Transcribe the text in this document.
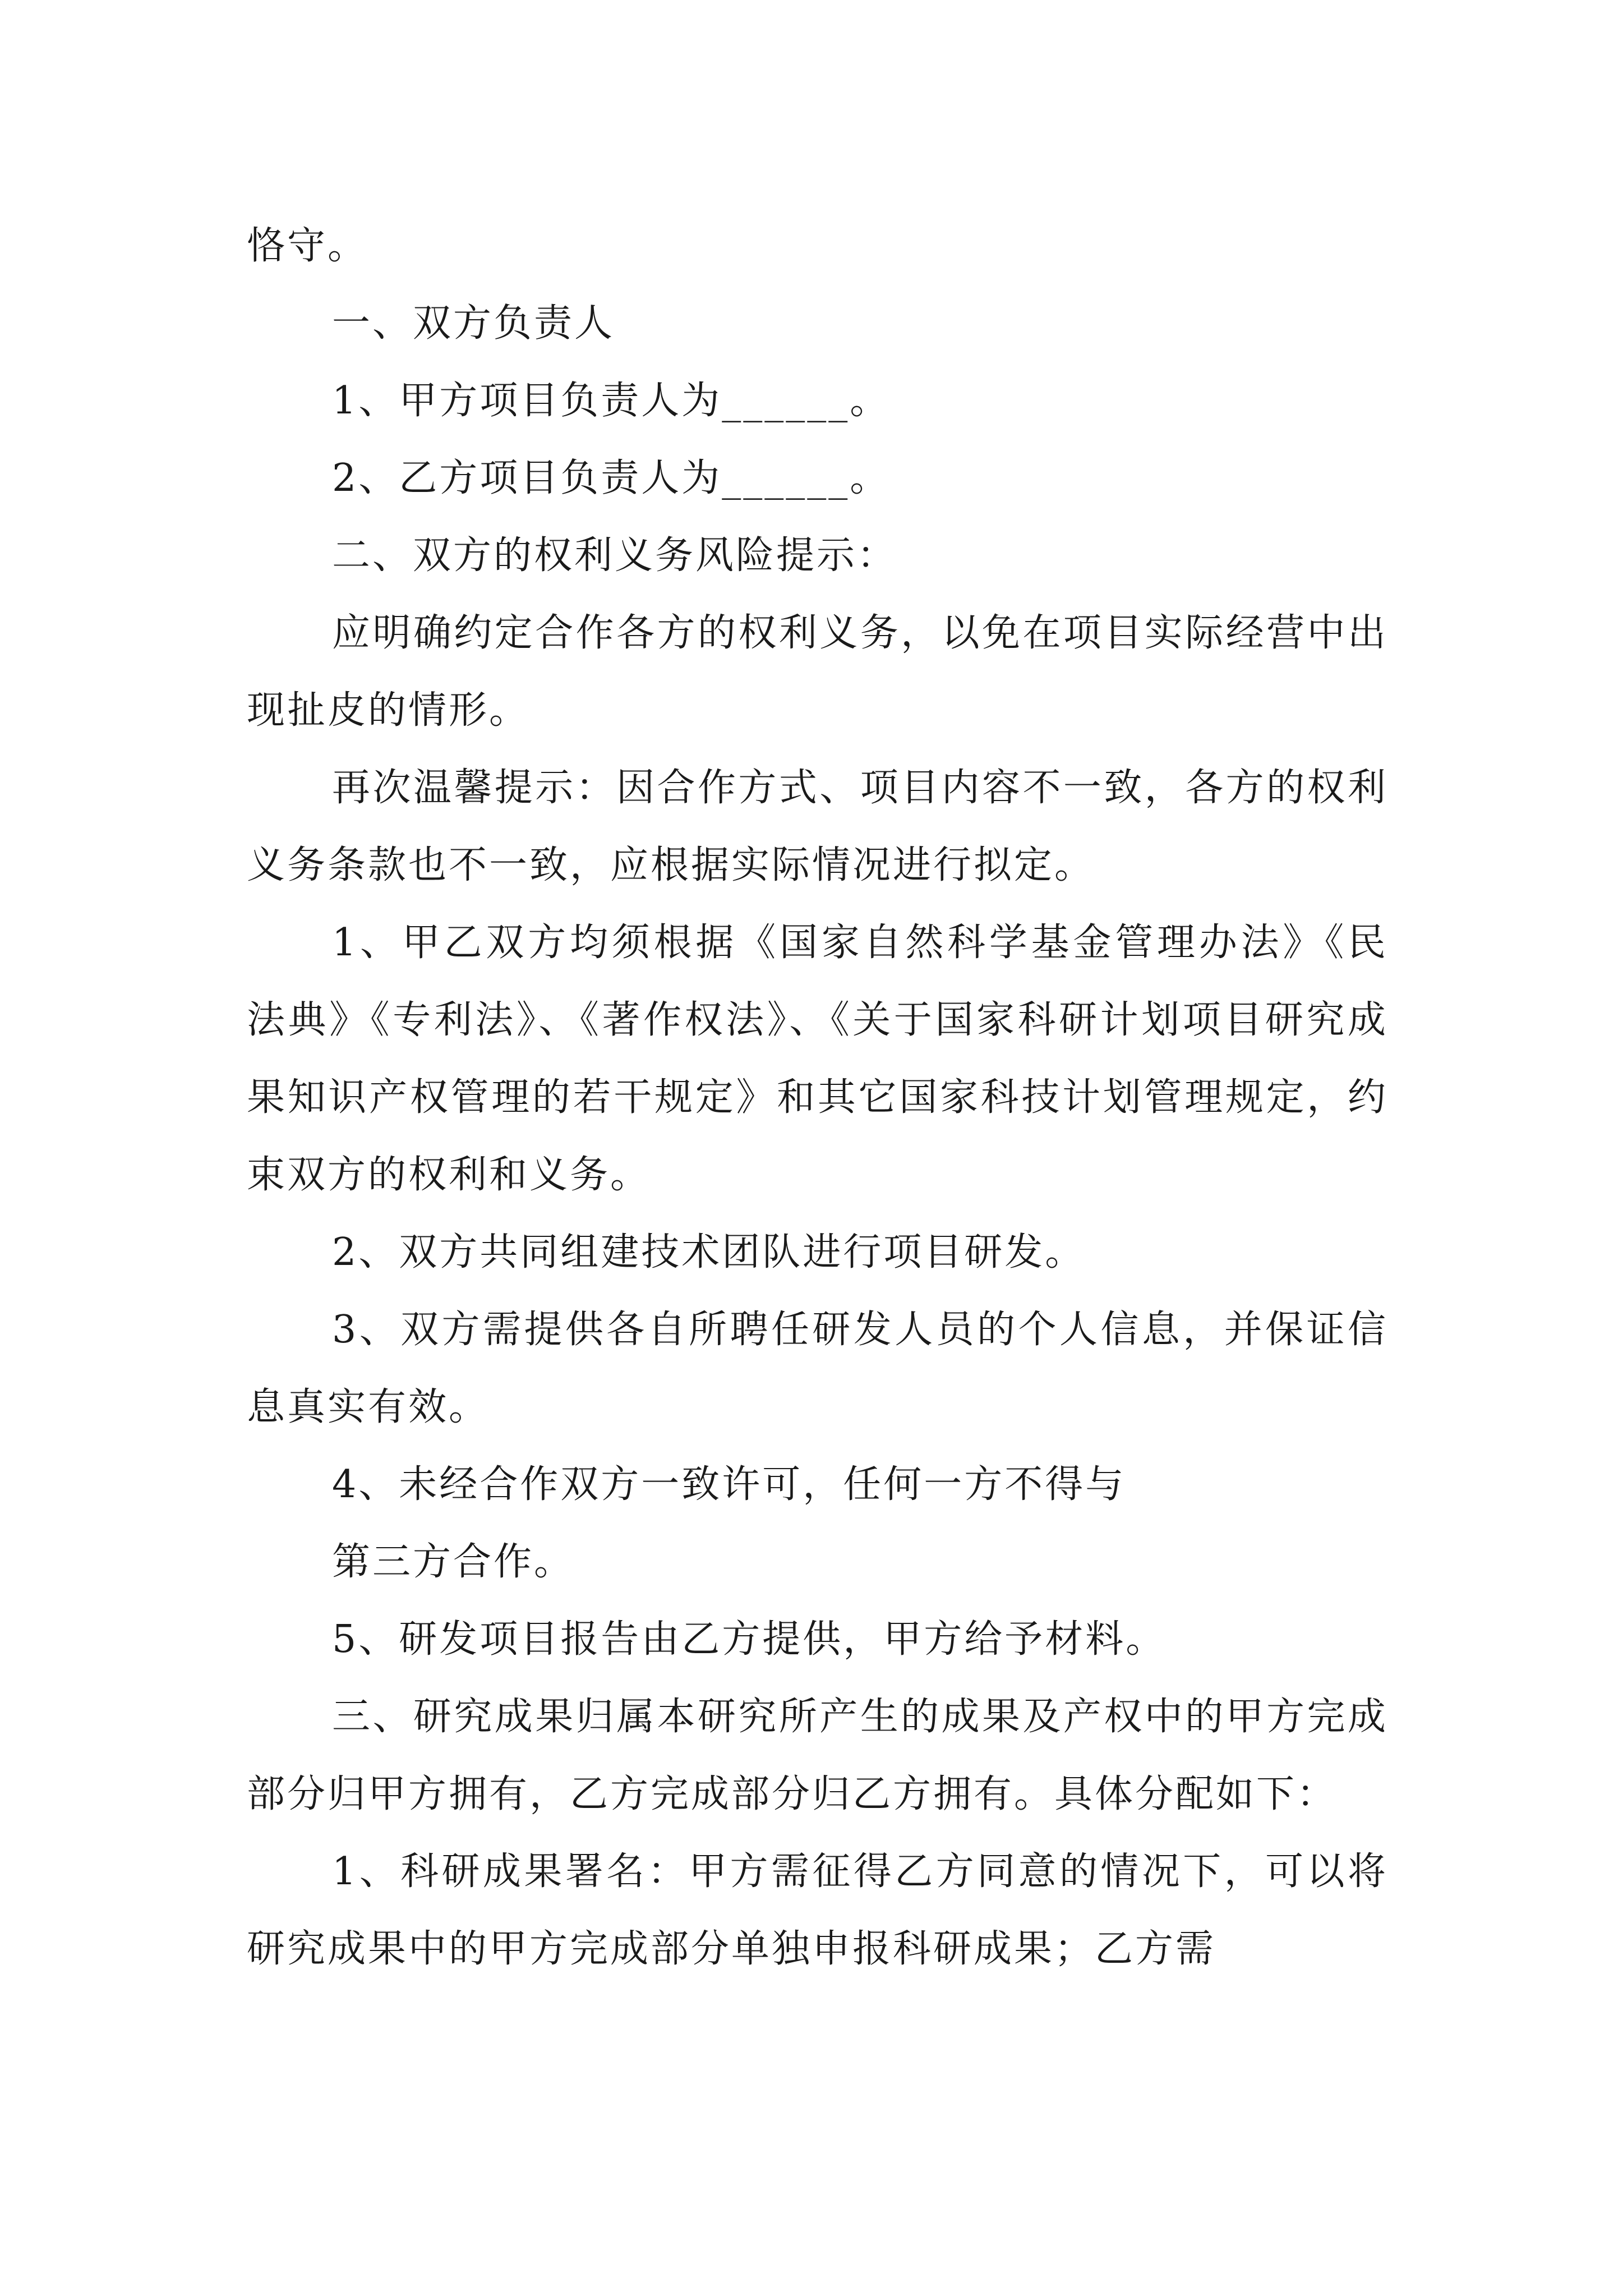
恪守。

一、双方负责人

1、甲方项目负责人为______。

2、乙方项目负责人为______。

二、双方的权利义务风险提示：

应明确约定合作各方的权利义务，以免在项目实际经营中出现扯皮的情形。

再次温馨提示：因合作方式、项目内容不一致，各方的权利义务条款也不一致，应根据实际情况进行拟定。

1、甲乙双方均须根据《国家自然科学基金管理办法》《民法典》《专利法》、《著作权法》、《关于国家科研计划项目研究成果知识产权管理的若干规定》和其它国家科技计划管理规定，约束双方的权利和义务。

2、双方共同组建技术团队进行项目研发。

3、双方需提供各自所聘任研发人员的个人信息，并保证信息真实有效。

4、未经合作双方一致许可，任何一方不得与

第三方合作。

5、研发项目报告由乙方提供，甲方给予材料。

三、研究成果归属本研究所产生的成果及产权中的甲方完成部分归甲方拥有，乙方完成部分归乙方拥有。具体分配如下：

1、科研成果署名：甲方需征得乙方同意的情况下，可以将研究成果中的甲方完成部分单独申报科研成果；乙方需
